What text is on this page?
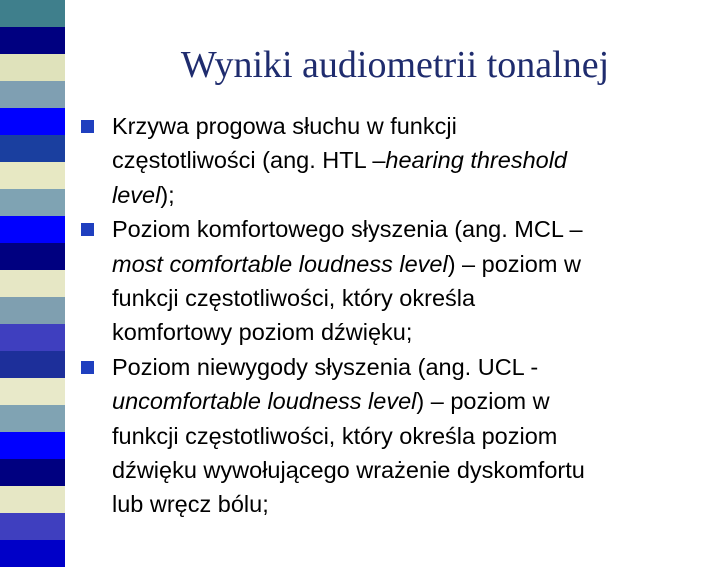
Wyniki audiometrii tonalnej
Krzywa progowa słuchu w funkcji
częstotliwości (ang. HTL –hearing threshold
level);
Poziom komfortowego słyszenia (ang. MCL –
most comfortable loudness level) – poziom w
funkcji częstotliwości, który określa
komfortowy poziom dźwięku;
Poziom niewygody słyszenia (ang. UCL -
uncomfortable loudness level) – poziom w
funkcji częstotliwości, który określa poziom
dźwięku wywołującego wrażenie dyskomfortu
lub wręcz bólu;
